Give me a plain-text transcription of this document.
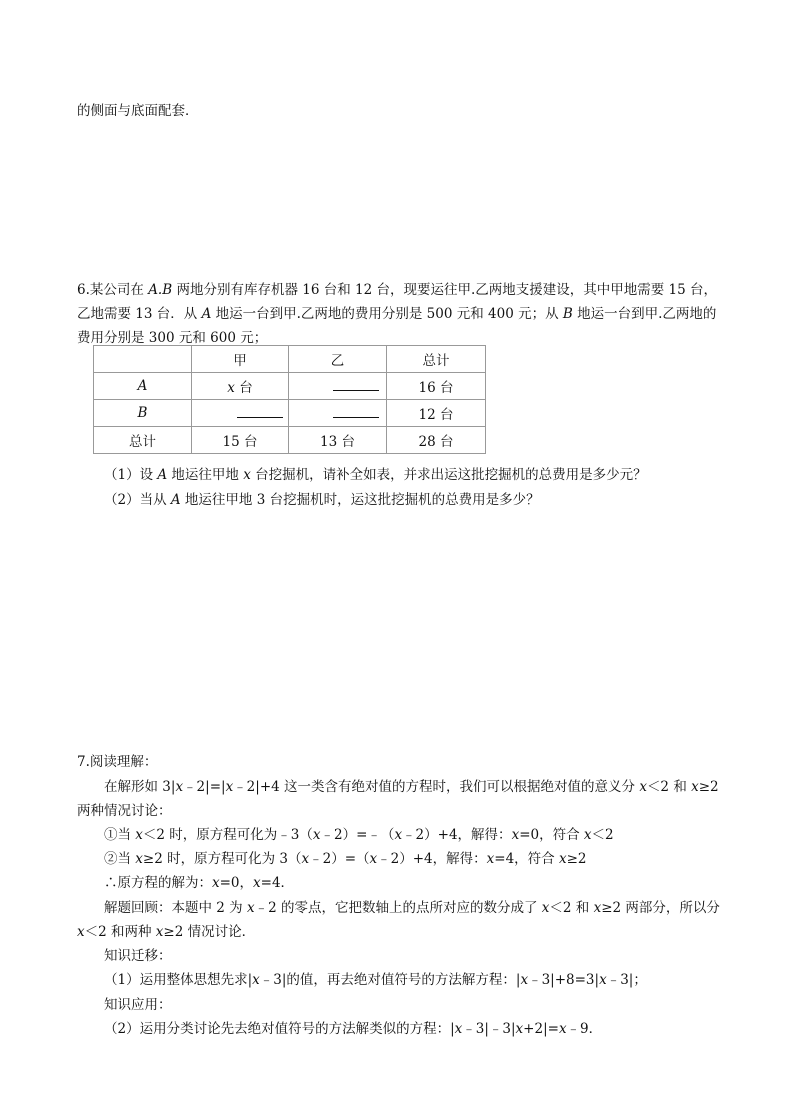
的侧面与底面配套．
6.某公司在 A.B 两地分别有库存机器 16 台和 12 台，现要运往甲.乙两地支援建设，其中甲地需要 15 台，
乙地需要 13 台．从 A 地运一台到甲.乙两地的费用分别是 500 元和 400 元；从 B 地运一台到甲.乙两地的
费用分别是 300 元和 600 元；
	甲	乙	总计
A	x 台		16 台
B			12 台
总计	15 台	13 台	28 台
（1）设 A 地运往甲地 x 台挖掘机，请补全如表，并求出运这批挖掘机的总费用是多少元？
（2）当从 A 地运往甲地 3 台挖掘机时，运这批挖掘机的总费用是多少？
7.阅读理解：
在解形如 3|x﹣2|=|x﹣2|+4 这一类含有绝对值的方程时，我们可以根据绝对值的意义分 x＜2 和 x≥2
两种情况讨论：
①当 x＜2 时，原方程可化为﹣3（x﹣2）=﹣（x﹣2）+4，解得：x=0，符合 x＜2
②当 x≥2 时，原方程可化为 3（x﹣2）=（x﹣2）+4，解得：x=4，符合 x≥2
∴原方程的解为：x=0，x=4．
解题回顾：本题中 2 为 x﹣2 的零点，它把数轴上的点所对应的数分成了 x＜2 和 x≥2 两部分，所以分
x＜2 和两种 x≥2 情况讨论．
知识迁移：
（1）运用整体思想先求|x﹣3|的值，再去绝对值符号的方法解方程：|x﹣3|+8=3|x﹣3|；
知识应用：
（2）运用分类讨论先去绝对值符号的方法解类似的方程：|x﹣3|﹣3|x+2|=x﹣9．
